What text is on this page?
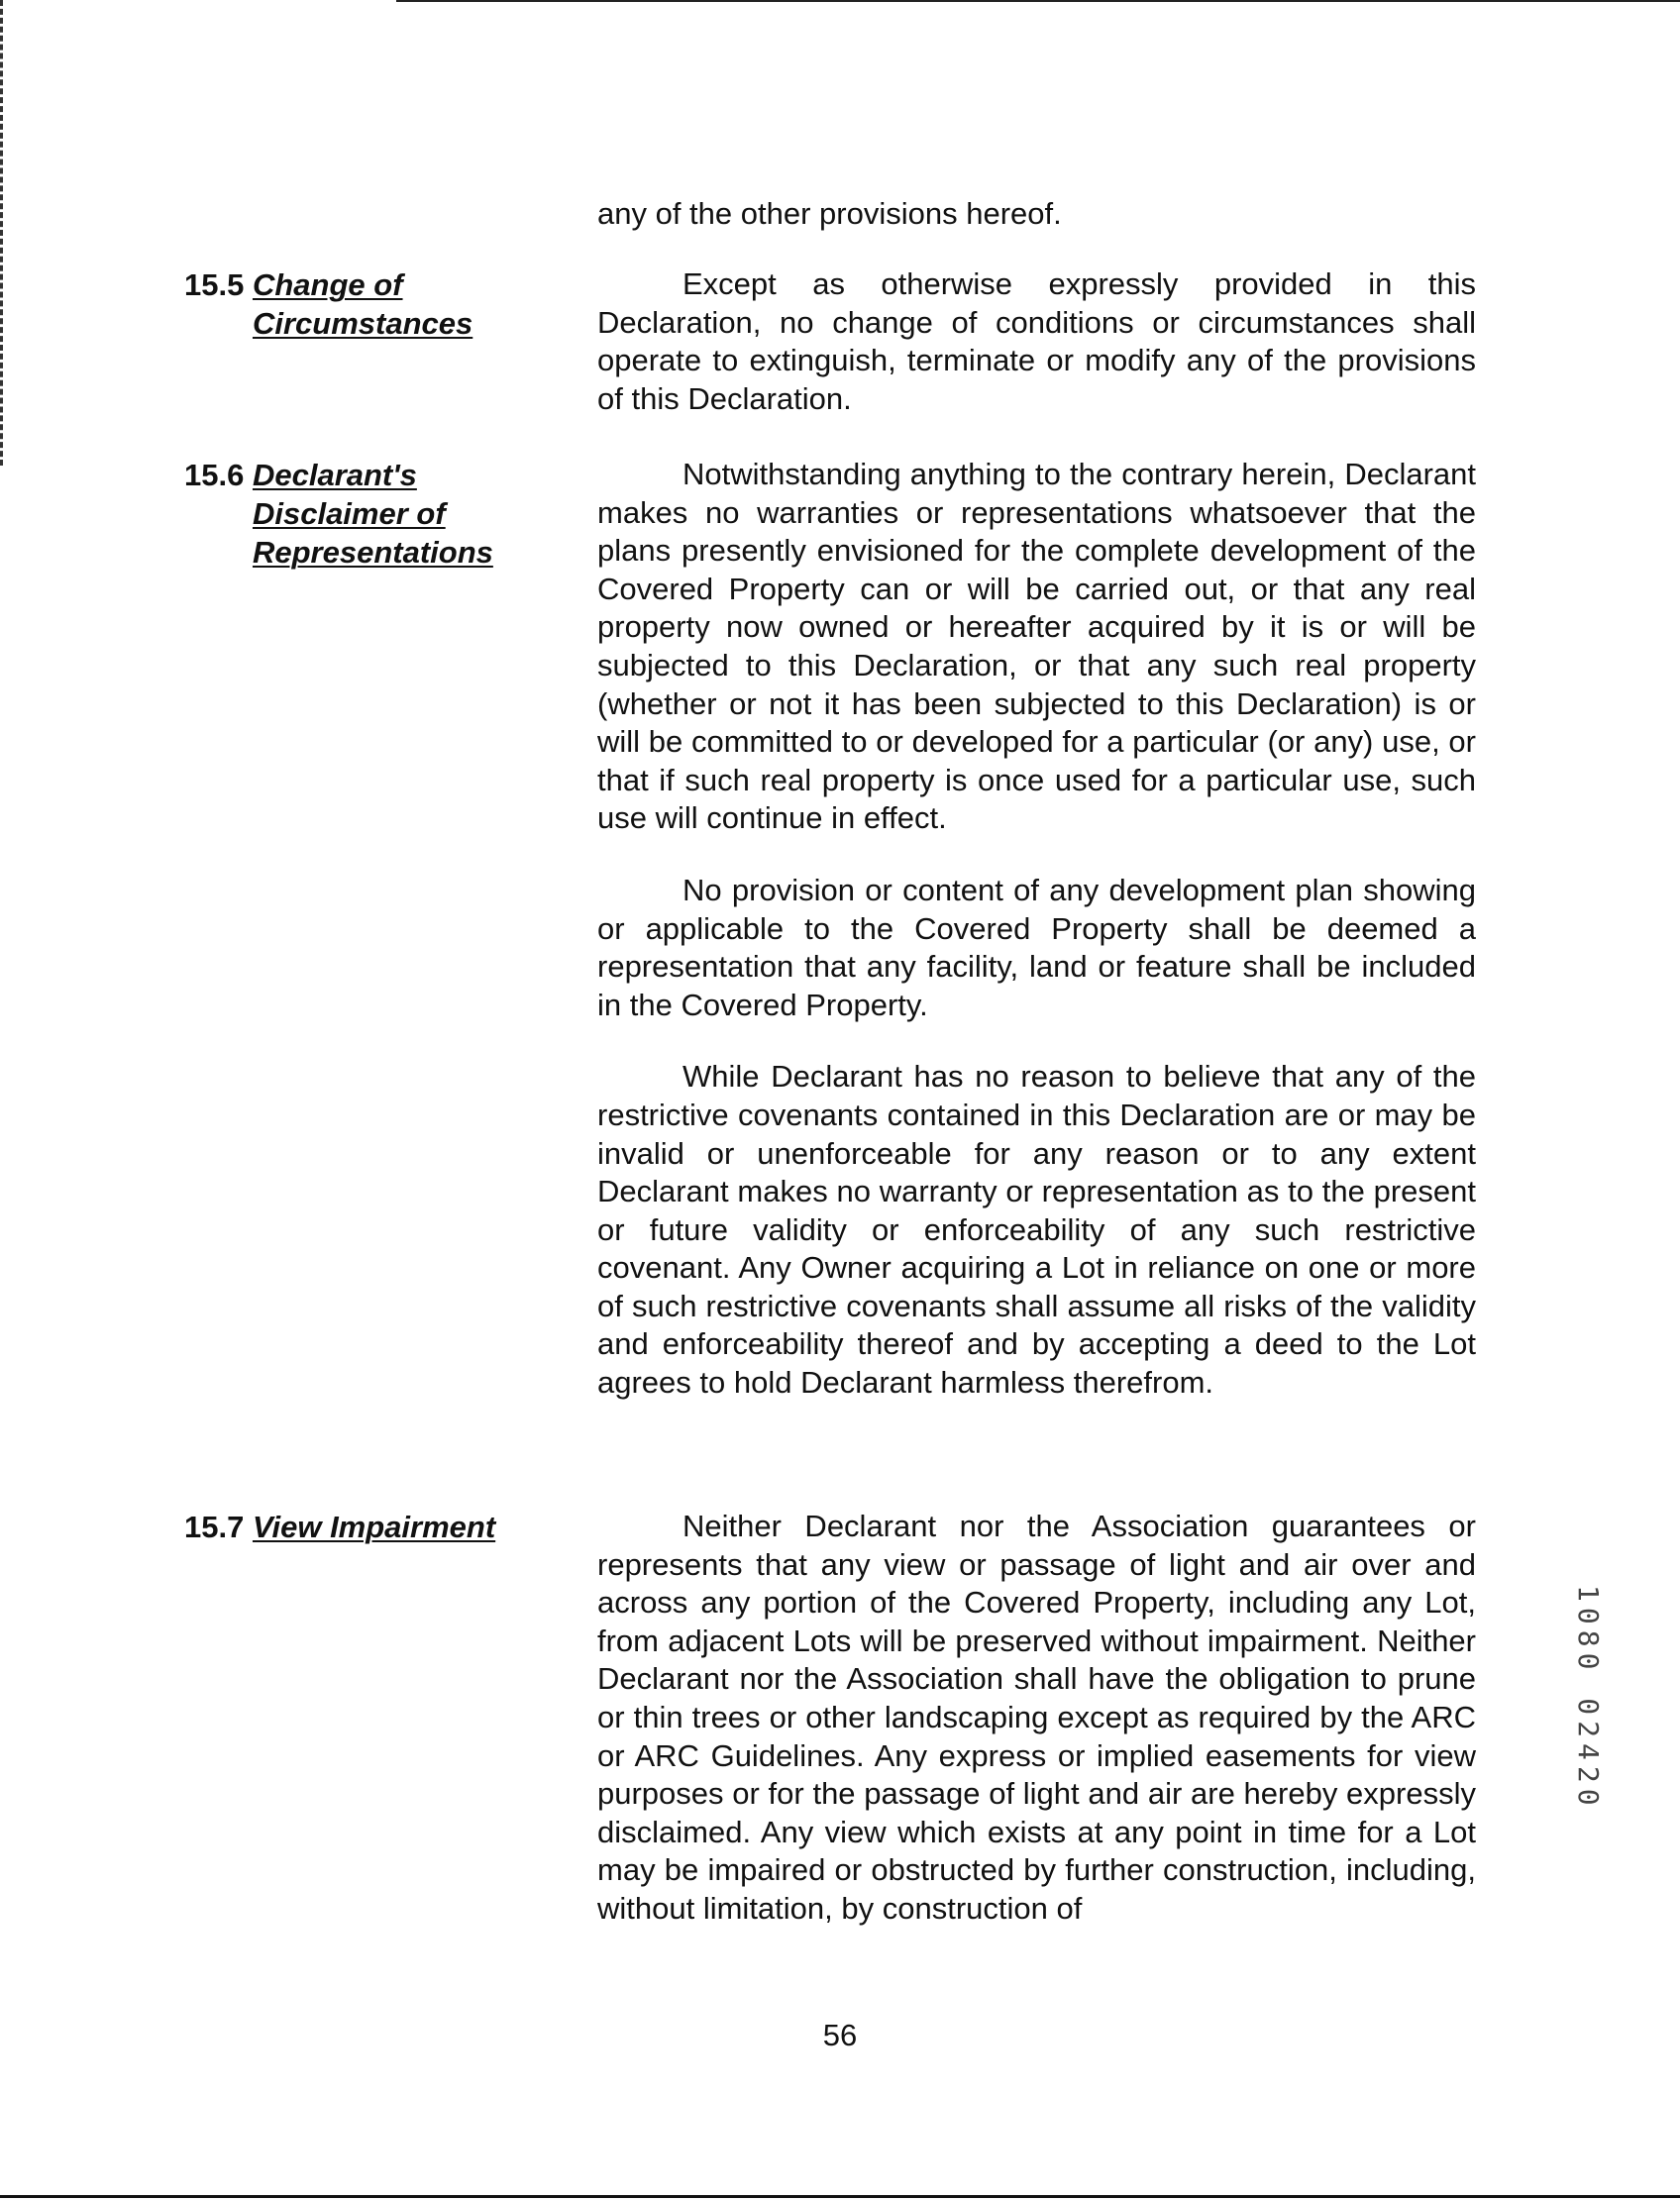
any of the other provisions hereof.
15.5 Change of
Circumstances

Except as otherwise expressly provided in this Declaration, no change of conditions or circumstances shall operate to extinguish, terminate or modify any of the provisions of this Declaration.

15.6 Declarant's
Disclaimer of
Representations

Notwithstanding anything to the contrary herein, Declarant makes no warranties or representations whatsoever that the plans presently envisioned for the complete development of the Covered Property can or will be carried out, or that any real property now owned or hereafter acquired by it is or will be subjected to this Declaration, or that any such real property (whether or not it has been subjected to this Declaration) is or will be committed to or developed for a particular (or any) use, or that if such real property is once used for a particular use, such use will continue in effect.

No provision or content of any development plan showing or applicable to the Covered Property shall be deemed a representation that any facility, land or feature shall be included in the Covered Property.

While Declarant has no reason to believe that any of the restrictive covenants contained in this Declaration are or may be invalid or unenforceable for any reason or to any extent Declarant makes no warranty or representation as to the present or future validity or enforceability of any such restrictive covenant. Any Owner acquiring a Lot in reliance on one or more of such restrictive covenants shall assume all risks of the validity and enforceability thereof and by accepting a deed to the Lot agrees to hold Declarant harmless therefrom.

15.7 View Impairment	Neither Declarant nor the Association guarantees or represents that any view or passage of light and air over and across any portion of the Covered Property, including any Lot, from adjacent Lots will be preserved without impairment. Neither Declarant nor the Association shall have the obligation to prune or thin trees or other landscaping except as required by the ARC or ARC Guidelines. Any express or implied easements for view purposes or for the passage of light and air are hereby expressly disclaimed. Any view which exists at any point in time for a Lot may be impaired or obstructed by further construction, including, without limitation, by construction of

56
1080 02420
